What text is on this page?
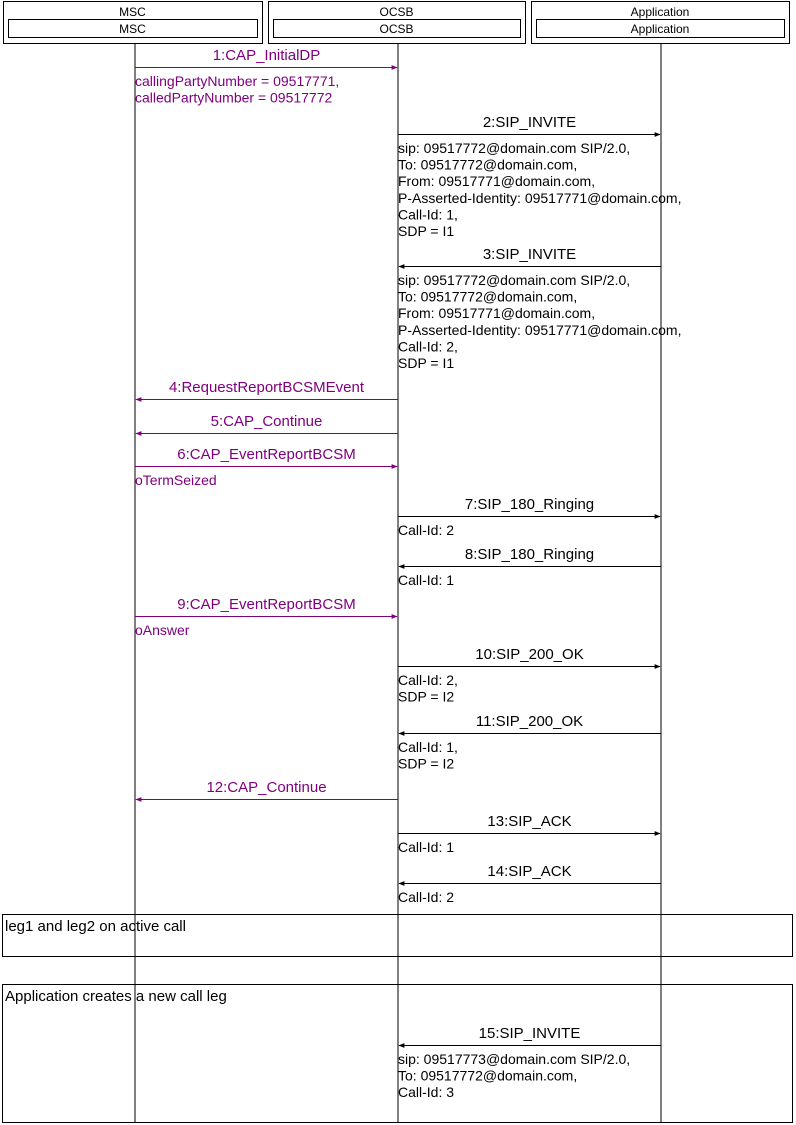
leg1 and leg2 on active call
Application creates a new call leg
MSC
MSC
OCSB
OCSB
Application
Application
1:CAP_InitialDP
callingPartyNumber = 09517771,
calledPartyNumber = 09517772
2:SIP_INVITE
sip: 09517772@domain.com SIP/2.0,
To: 09517772@domain.com,
From: 09517771@domain.com,
P-Asserted-Identity: 09517771@domain.com,
Call-Id: 1,
SDP = I1
3:SIP_INVITE
sip: 09517772@domain.com SIP/2.0,
To: 09517772@domain.com,
From: 09517771@domain.com,
P-Asserted-Identity: 09517771@domain.com,
Call-Id: 2,
SDP = I1
4:RequestReportBCSMEvent
5:CAP_Continue
6:CAP_EventReportBCSM
oTermSeized
7:SIP_180_Ringing
Call-Id: 2
8:SIP_180_Ringing
Call-Id: 1
9:CAP_EventReportBCSM
oAnswer
10:SIP_200_OK
Call-Id: 2,
SDP = I2
11:SIP_200_OK
Call-Id: 1,
SDP = I2
12:CAP_Continue
13:SIP_ACK
Call-Id: 1
14:SIP_ACK
Call-Id: 2
15:SIP_INVITE
sip: 09517773@domain.com SIP/2.0,
To: 09517772@domain.com,
Call-Id: 3
